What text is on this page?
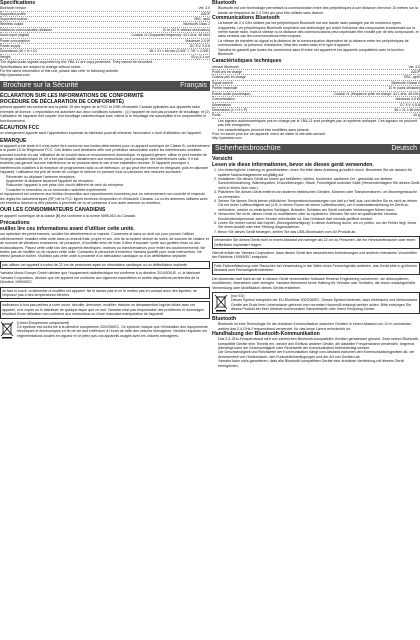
Specifications
Bluetooth version	Ver. 3.0
Supported profile	A2DP
Supported codecs	SBC, aptX
Wireless output	Bluetooth Class 2
Maximum communication distance	10 m (33 ft, without obstruction)
Audio input (digital)	Coaxial ×1 (Supported frequency: 44.1 kHz, 48 kHz)
Power consumption	Maximum 2.5 W
Power supply	DC 5 V, 0.5 A
Dimensions (W × H × D)	66 × 21 × 66 mm (2-5/8" × 7/8" × 2-5/8")
Weight	40 g (1.4 oz)

The digital audio signals supported by the YBA-11 are copy-protected. They cannot be recorded.

Specifications are subject to change without notice.

For the latest information of this unit, please also refer to following website.

http://yamaha.com

Brochure sur la Sécurité	Français
ÉCLARATION SUR LES INFORMATIONS DE CONFORMITÉ
ROCÉDURE DE DÉCLARATION DE CONFORMITÉ)

présent appareil est conforme aux la partie 15 des règles de la FCC et CNR d'Industrie Canada pplicables aux appareils radio exempts de licence. L'exploitation est autorisée aux deux conditions suivants : (1) l'appareil ne doit pas produire de brouillage, et (2) l'utilisateur de l'appareil doit ccepter tout brouillage radioélectrique subi, même si le brouillage est susceptible d'en ompromettre le fonctionnement.

ÉCAUTION FCC

ux changement apporté sans l'approbation expresse du fabricant pourrait entraîner l'annulation u droit d'utilisation de l'appareil.

EMARQUE

et appareil a été testé et il s'est avéré être conforme aux limites déterminées pour un appareil umérique de Classe B, conformément à la partie 15 du Règlement FCC. Ces limites sont destinées offrir une protection raisonnable contre les interférences nuisibles pouvant survenir en cas 'utilisation de ce produit dans un environnement domestique. et appareil génère, utilise et peut émettre de l'énergie radioélectrique et, s'il n'est pas installé rdinairement aux instructions, peut provoquer des interférences radio. Il n'est toutefois pas garanti 'aucune interférence ne se produira dans le cas d'une installation donnée. Si l'appareil provoque s interférences nuisibles à la réception de programmes radio ou de télévision, ce qui peut être terminé en éteignant, puis en allumant l'appareil, l'utilisateur est prié de tenter de corriger le oblème en prenant l'une ou plusieurs des mesures suivantes:

• Réorienter ou déplacer l'antenne réceptrice.
• Augmenter la distance séparant l'appareil du récepteur.
• Raccorder l'appareil à une prise d'un circuit différent de celui du récepteur.
• Consulter le revendeur ou un technicien radio/télé expérimenté.

et équipement est conforme aux limites d'exposition aux rayonnements énoncées pour un nvironnement non contrôlé et respecte les règles les radioélectriques (RF) de la FCC lignes rectrices d'exposition et d'Industrie Canada. La ou les antennes utilisées avec cet émetteur doivent ns être placées à proximité de ou en présence d'une autre antenne ou émetteur.

OUR LES CONSOMMATEURS CANADIENS

et appareil numérique de la classe [B] est conforme à la norme NMB-003 du Canada.

Précautions
euillez lire ces informations avant d'utiliser cette unité.

our optimiser les performances, veuillez lire attentivement ce manuel. Conservez-le dans un droit sûr pour pouvoir l'utiliser ultérieurement. Installez cette unité dans un endroit frais, propre et sec, loin de la lumière directe du soleil, de sources de chaleur et de sources de vibrations excessives, de poussière, d'humidité et/ou de froid. Evitez d'exposer l'unité aux gouttes d'eau ou aux éclaboussures. Placez cette unité loin des appareils électriques, moteurs ou transformateurs pour éviter les bourdonnements. Ne tentez pas de modifier ou de réparer cette unité. Contactez le personnel d'entretien Yamaha qualifié pour toute intervention. Ne retirez jamais le boîtier. N'utilisez pas cette unité à proximité d'un stimulateur cardiaque ou d'un défibrillateur implanté.

pas utilisez cet appareil à moins de 22 cm de personnes ayant un stimulateur cardiaque ou un défibrillateur implanté.

Yamaha Music Europe GmbH déclare que l'équipement radioélectrique est conforme à la directive 2014/53/UE. ci, le fabricant Yamaha Corporation, déclare que cet appareil est conforme aux xigences essentielles et autres dispositions pertinentes de la Directive 1999/5/EC.

ne faut ni ouvrir, ni démonter ni modifier cet appareil. Ne le lancez pas et ne le mettez pas en contact avec des liquides; ne l'exposez pas à des températures élevées.

inclinaison à tout pas peintes à votre ouvrir, décoller, démonter, modifier, traduire ou désassembler logiciel utilisé avec cet appareil, ni le copier ou le distribuer de quelque façon que ce soit. Yamaha n'est pas responsable des problèmes et dommages résultant d'une utilisation non conforme aux instructions ou d'une mauvaise manipulation de l'appareil.

(Union Européenne uniquement)

Ce symbole est conforme à la directive européenne 2002/96/EC. Ce symbole indique que l'élimination des équipements électriques et électroniques en fin de vie doit s'effectuer à l'écart de celle des ordures ménagères. Veuillez respecter les réglementations locales en vigueur et ne jetez pas vos appareils usagés avec les ordures ménagères.

Bluetooth
• Bluetooth est une technologie permettant la communication entre des périphériques à une distance d'environ 10 mètres sur la bande de fréquence de 2,4 GHz qui peut être utilisée sans licence.
Communications Bluetooth
• La bande de 2,4 GHz utilisée par les périphériques Bluetooth est une bande radio partagée par de nombreux types d'appareils. Les périphériques Bluetooth emploient une technologie qui réduit l'influence des composants fonctionnant sur la même bande radio, mais la vitesse ou la distance des communications peut cependant être réduite par de tels composants, et dans certains cas les communications interrompues.
• La vitesse de transfert du signal et la distance de la communication dépendent de la distance entre les périphériques de communication, la présence d'obstacles, l'état des ondes radio et le type d'appareil.
• Yamaha ne garantit pas toutes les connexions sans fil entre cet appareil et les appareils compatibles avec la fonction Bluetooth.
Caractéristiques techniques
Version Bluetooth	Ver. 3.0
Profil pris en charge	A2DP
Codecs pris en charge	SBC, aptX
Signal sans fil	Bluetooth Classe 2
Portée maximale	10 m (sans obstacle)
Entrée audio (numérique)	Coaxial ×1 (fréquence prise en charge: 44,1 kHz, 48 kHz)
Consommation	Maximum 2,5 W
Alimentation	CC 5 V, 0,5 A
Dimensions (L × H × P)	66 × 21 × 66 mm
Poids	40 g
• Les signaux audionumériques pris en charge par le YBA-11 sont protégés par un système anticopie. Ces signaux ne peuvent pas être enregistrés.
• Les caractéristiques peuvent être modifiées sans préavis.

Pour en savoir plus sur cet appareil, merci de visiter le site web suivant.

http://yamaha.com

Sicherheitsbroschüre	Deutsch
Vorsicht
Lesen sie diese informationen, bevor sie dieses gerät verwenden.
1. Um bestmögliche Leistung zu gewährleisten, lesen Sie bitte diese Anleitung gründlich durch. Bewahren Sie sie danach für spätere Nachschlagzwecke sorgfältig auf.
2. Installieren Sie dieses Gerät an einem gut belüfteten, kühlen, trockenen, sauberen Ort - geschützt vor direkter Sonneneinstrahlung, Wärmequellen, Erschütterungen, Staub, Feuchtigkeit und/oder Kälte (Verwenden/lagern Sie dieses Gerät nicht in einem Auto usw.).
3. Platzieren Sie dieses Gerät entfernt von anderen elektrischen Geräten, Motoren oder Transformatoren, um Brummgeräusche zu vermeiden.
4. Setzen Sie dieses Gerät keinen plötzlichen Temperaturschwankungen von kalt zu heiß aus, und stellen Sie es nicht an einem Ort mit hoher Luftfeuchtigkeit auf (z.B. in einem Raum mit einem Luftbefeuchter), um Kondensationsbildung im Gerät zu verhindern, welche zu elektrischen Schlägen, Bränden, Schäden am Gerät und/oder Verletzungen führen kann.
5. Versuchen Sie nicht, dieses Gerät zu modifizieren oder zu reparieren. Wenden Sie sich an qualifiziertes Yamaha-Kundendienstpersonal, wenn Service erforderlich ist. Das Gehäuse darf niemals geöffnet werden.
6. Lesen Sie immer zuerst das Kapitel „Störungsbeseitigung“ in dieser Anleitung durch, um zu prüfen, wo der Fehler liegt, bevor Sie einen Ausfall oder eine Störung diagnostizieren.
7. Bevor Sie dieses Gerät bewegen, ziehen Sie das USB-Stromkabel vom AV-Produkt ab.

Verwenden Sie dieses Gerät nicht in einem Abstand von weniger als 22 cm zu Personen, die ein Herzschrittmacher oder einen Defibrillator implantiert tragen.

Hiermit erklärt die Yamaha Corporation, dass dieses Gerät den wesentlichen Anforderungen und anderen relevanten Vorschriften der Richtlinie 1999/5/EC entspricht.

Falls Farbverfälschung oder Rauschen bei Verwendung in der Nähe eines Fernsehgeräts auftreten, das Gerät bitte in größerem Abstand zum Fernsehgerät betreiben.

Der Anwender darf nicht an der in diesem Gerät verwendeten Software Reverse Engineering vornehmen, sie dekompilieren, modifizieren, übersetzen oder zerlegen. Yamaha übernimmt keine Haftung für Verluste oder Schäden, die durch unsachgemäße Verwendung oder Modifikation dieses Geräts entstehen.

(nur EU)

Dieses Symbol entspricht der EU-Richtlinie 2002/96/EC. Dieses Symbol bedeutet, dass elektrische und elektronische Geräte am Ende ihrer Lebensdauer getrennt vom normalen Hausmüll entsorgt werden sollen. Bitte entsorgen Sie dieses Produkt bei Ihrer örtlichen kommunalen Sammelstelle oder Ihrem Recycling-Center.

Bluetooth
• Bluetooth ist eine Technologie für die drahtlose Kommunikation zwischen Geräten in einem Abstand von 10 m zueinander, welche das 2,4-GHz-Frequenzband verwendet, für das keine Lizenz erforderlich ist.
Handhabung der Bluetooth-Kommunikation
• Das 2,4-GHz-Frequenzband wird von zahlreichen Bluetooth-kompatiblen Geräten gemeinsam genutzt. Zwar setzen Bluetooth-kompatible Geräte eine Technik ein, welche den Einfluss anderer Geräte, die dasselbe Frequenzband verwenden, begrenzt, allerdings kann die Geschwindigkeit oder Reichweite der Kommunikation beeinträchtigt werden.
• Die Geschwindigkeit und Reichweite der Kommunikation hängt vom Abstand zwischen den Kommunikationsgeräten ab, der Anwesenheit von Hindernissen, den Funkwellenbedingungen und der Art von Geräten ab.
• Yamaha kann nicht garantieren, dass alle Bluetooth-kompatiblen Geräte eine drahtlose Verbindung mit diesem Gerät ermöglichen.
